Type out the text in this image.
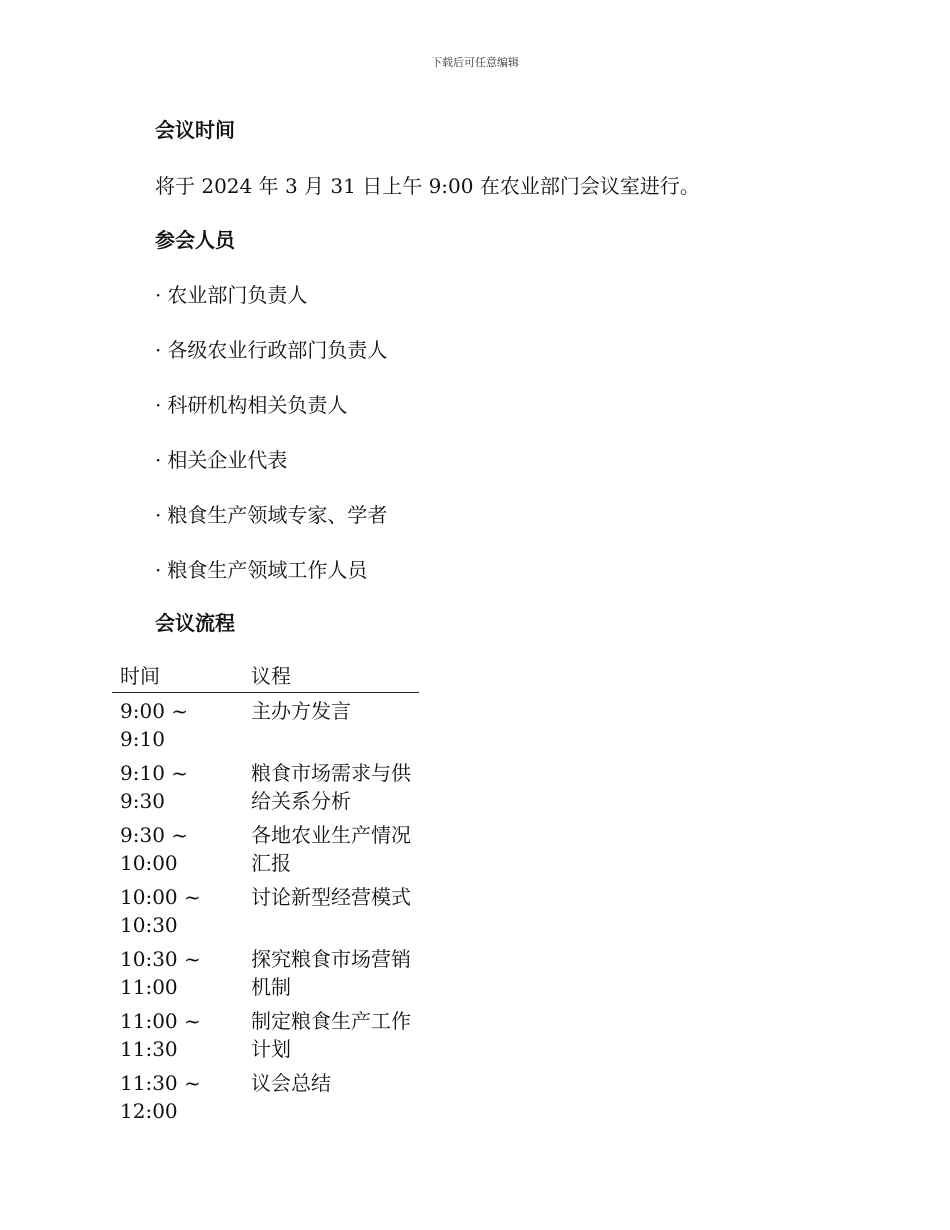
下载后可任意编辑
会议时间
将于 2024 年 3 月 31 日上午 9:00 在农业部门会议室进行。
参会人员
· 农业部门负责人
· 各级农业行政部门负责人
· 科研机构相关负责人
· 相关企业代表
· 粮食生产领域专家、学者
· 粮食生产领域工作人员
会议流程
时间	议程
9:00 ~ 9:10	主办方发言
9:10 ~ 9:30	粮食市场需求与供给关系分析
9:30 ~ 10:00	各地农业生产情况汇报
10:00 ~ 10:30	讨论新型经营模式
10:30 ~ 11:00	探究粮食市场营销机制
11:00 ~ 11:30	制定粮食生产工作计划
11:30 ~ 12:00	议会总结
